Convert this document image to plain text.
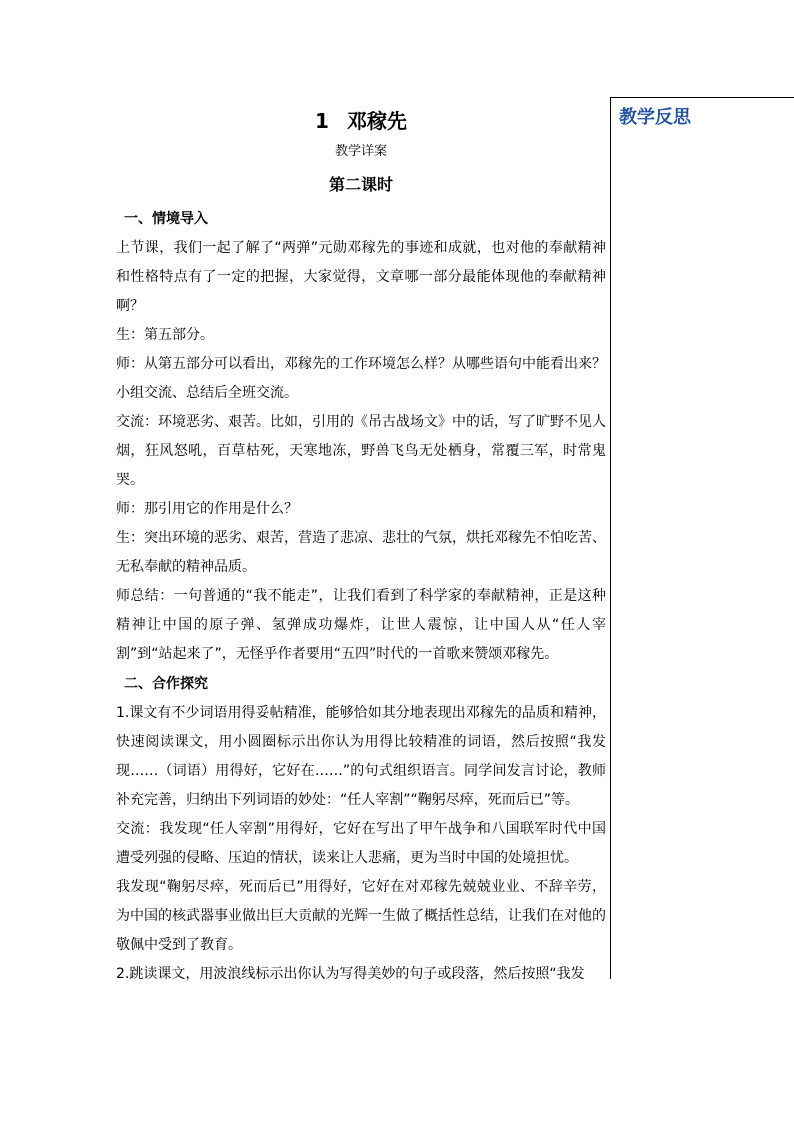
教学反思
1 邓稼先
教学详案
第二课时

一、情境导入

上节课，我们一起了解了“两弹”元勋邓稼先的事迹和成就，也对他的奉献精神和性格特点有了一定的把握，大家觉得，文章哪一部分最能体现他的奉献精神啊？

生：第五部分。

师：从第五部分可以看出，邓稼先的工作环境怎么样？从哪些语句中能看出来？

小组交流、总结后全班交流。

交流：环境恶劣、艰苦。比如，引用的《吊古战场文》中的话，写了旷野不见人烟，狂风怒吼，百草枯死，天寒地冻，野兽飞鸟无处栖身，常覆三军，时常鬼哭。

师：那引用它的作用是什么？

生：突出环境的恶劣、艰苦，营造了悲凉、悲壮的气氛，烘托邓稼先不怕吃苦、无私奉献的精神品质。

师总结：一句普通的“我不能走”，让我们看到了科学家的奉献精神，正是这种精神让中国的原子弹、氢弹成功爆炸，让世人震惊，让中国人从“任人宰割”到“站起来了”，无怪乎作者要用“五四”时代的一首歌来赞颂邓稼先。

二、合作探究

1.课文有不少词语用得妥帖精准，能够恰如其分地表现出邓稼先的品质和精神，快速阅读课文，用小圆圈标示出你认为用得比较精准的词语，然后按照“我发现……（词语）用得好，它好在……”的句式组织语言。同学间发言讨论，教师补充完善，归纳出下列词语的妙处：“任人宰割”“鞠躬尽瘁，死而后已”等。

交流：我发现“任人宰割”用得好，它好在写出了甲午战争和八国联军时代中国遭受列强的侵略、压迫的情状，读来让人悲痛，更为当时中国的处境担忧。

我发现“鞠躬尽瘁，死而后已”用得好，它好在对邓稼先兢兢业业、不辞辛劳，为中国的核武器事业做出巨大贡献的光辉一生做了概括性总结，让我们在对他的敬佩中受到了教育。

2.跳读课文，用波浪线标示出你认为写得美妙的句子或段落，然后按照“我发
